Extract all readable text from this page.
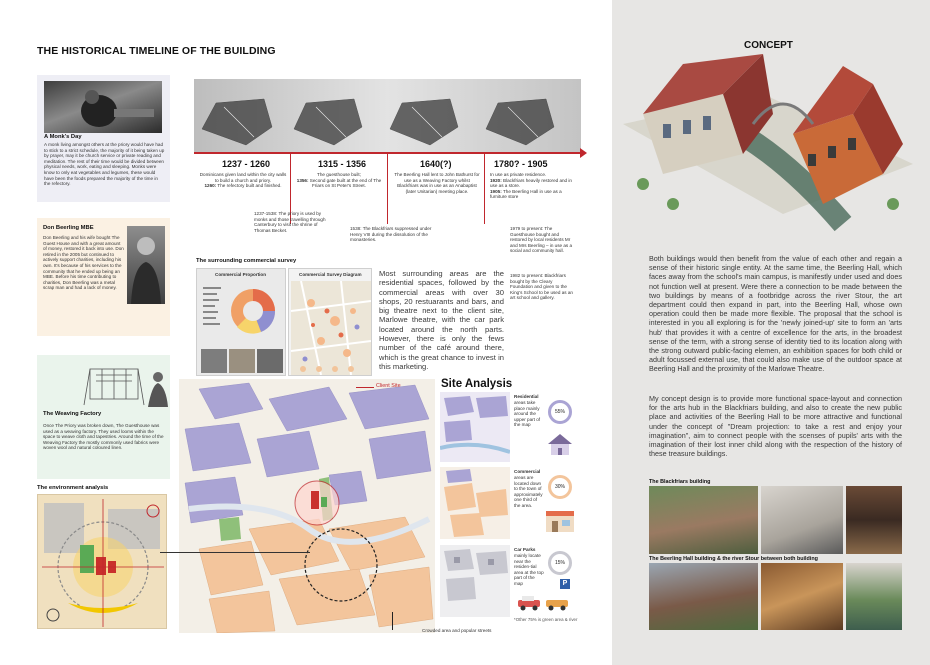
THE HISTORICAL TIMELINE OF THE BUILDING
A Monk's Day
A monk living amongst others at the priory would have had to stick to a strict schedule, the majority of it being taken up by prayer, may it be church service or private reading and meditation. The rest of their time would be divided between physical needs, work, eating and sleeping. Monks were know to only eat vegetables and legumes, these would have been the foods prepared the majority of the time in the refectory.
Don Beerling MBE
Don Beerling and his wife bought The Guest House and with a great amount of money, restored it back into use. Don retired in the 2005 but continued to actively support charities, including his own. It's because of his services to the community that he ended up being an MBE. Before his time contributing to charities, Don Beerling was a metal scrap man and had a lack of money.
The Weaving Factory
Once The Priory was broken down, The Guesthouse was used as a weaving factory. They used looms within the space to weave cloth and tapestries. Around the time of the Weaving Factory the mostly commonly used fabrics were woven wool and natural coloured linen.
The environment analysis
1237 - 1260
Dominicans given land within the city walls to build a church and priory.
1260: The refectory built and finished.
1315 - 1356
The guesthouse built;
1356: Second gate built at the end of The Friars on St Peter's Street.
1640(?)
The Beerling Hall lent to John Bathurst for use as a Weaving Factory whilst Blackfriars was in use as an Anabaptist (later Unitarian) meeting place.
1780? - 1905
In use as private residence.
1920: Blackfriars heavily restored and in use as a store.
1905: The Beerling Hall in use as a furniture store
1237-1538: The priory is used by monks and those travelling through Canterbury to visit the shrine of Thomas Becket.	1538: The Blackfriars suppressed under Henry VIII during the dissolution of the monasteries.
1979 to present: The Guesthouse bought and restored by local residents Mr and Mrs Beerling – in use as a social and community hall.
1982 to present: Blackfriars bought by the Cleary Foundation and given to the King's School to be used as an art school and gallery.
The surrounding commercial survey
Commercial Proportion	Commercial Survey Diagram Most surrounding areas are the residential spaces, followed by the commercial areas with over 30 shops, 20 restuarants and bars, and big theatre next to the client site, Marlowe theatre, with the car park located around the north parts. However, there is only the fews number of the café around there, which is the great chance to invest in this marketing.
Client Site
Crowded area and popular streets
Site Analysis
Residential
areas take place mainly around the upper part of the map
55%
Commercial
areas are located down to the town of approximately one third of the area.
30%
Car Parks
mainly locate near the residen-tial area at the top part of the map
15%
P
*Other 75% is green area & river
CONCEPT
Both buildings would then benefit from the value of each other and regain a sense of their historic single entity. At the same time, the Beerling Hall, which faces away from the school's main campus, is manifestly under used and does not function well at present. Were there a connection to be made between the two buildings by means of a footbridge across the river Stour, the art department could then expand in part, into the Beerling Hall, whose own operation could then be made more flexible. The proposal that the school is interested in you all exploring is for the 'newly joined-up' site to form an 'arts hub' that provides it with a centre of excellence for the arts, in the broadest sense of the term, with a strong sense of identity tied to its location along with the strong outward public-facing elemen, an exhibition spaces for both child or adult focussed external use, that could also make use of the outdoor space at Beerling Hall and the proximity of the Marlowe Theatre.
My concept design is to provide more functional space-layout and connection for the arts hub in the Blackfriars building, and also to create the new public place and activities of the Beerling Hall to be more attractive and functional under the concept of "Dream projection: to take a rest and enjoy your imagination", aim to connect people with the scenses of pupils' arts with the imagination of their lost inner child along with the respection of the history of these treasure buildings.
The Blackfriars building
The Beerling Hall building & the river Stour between both building
